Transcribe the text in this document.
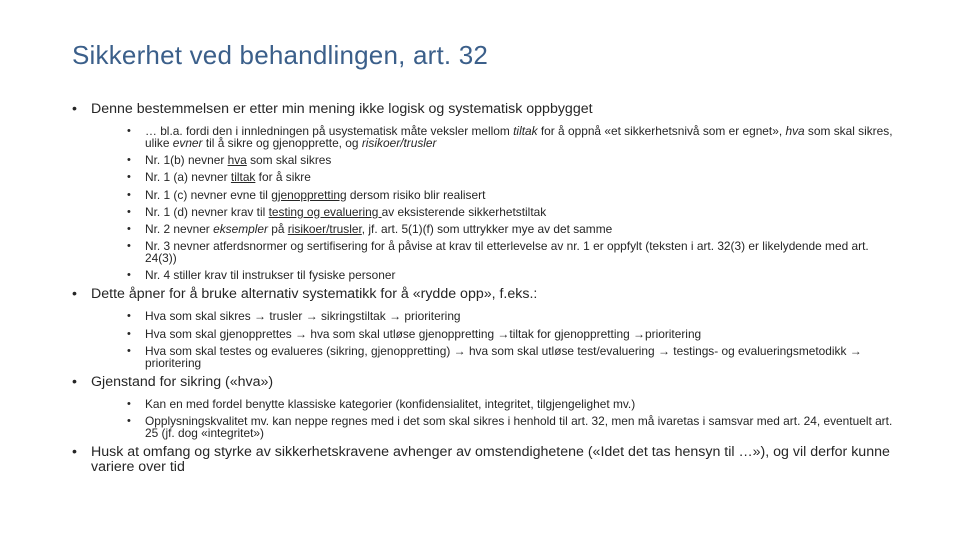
Sikkerhet ved behandlingen, art. 32
• Denne bestemmelsen er etter min mening ikke logisk og systematisk oppbygget
• … bl.a. fordi den i innledningen på usystematisk måte veksler mellom tiltak for å oppnå «et sikkerhetsnivå som er egnet», hva som skal sikres, ulike evner til å sikre og gjenopprette, og risikoer/trusler
• Nr. 1(b) nevner hva som skal sikres
• Nr. 1 (a) nevner tiltak for å sikre
• Nr. 1 (c) nevner evne til gjenoppretting dersom risiko blir realisert
• Nr. 1 (d) nevner krav til testing og evaluering av eksisterende sikkerhetstiltak
• Nr. 2 nevner eksempler på risikoer/trusler, jf. art. 5(1)(f) som uttrykker mye av det samme
• Nr. 3 nevner atferdsnormer og sertifisering for å påvise at krav til etterlevelse av nr. 1 er oppfylt (teksten i art. 32(3) er likelydende med art. 24(3))
• Nr. 4 stiller krav til instrukser til fysiske personer
• Dette åpner for å bruke alternativ systematikk for å «rydde opp», f.eks.:
• Hva som skal sikres → trusler → sikringstiltak → prioritering
• Hva som skal gjenopprettes → hva som skal utløse gjenoppretting →tiltak for gjenoppretting →prioritering
• Hva som skal testes og evalueres (sikring, gjenoppretting) → hva som skal utløse test/evaluering → testings- og evalueringsmetodikk → prioritering
• Gjenstand for sikring («hva»)
• Kan en med fordel benytte klassiske kategorier (konfidensialitet, integritet, tilgjengelighet mv.)
• Opplysningskvalitet mv. kan neppe regnes med i det som skal sikres i henhold til art. 32, men må ivaretas i samsvar med art. 24, eventuelt art. 25 (jf. dog «integritet»)
• Husk at omfang og styrke av sikkerhetskravene avhenger av omstendighetene («Idet det tas hensyn til …»), og vil derfor kunne variere over tid
